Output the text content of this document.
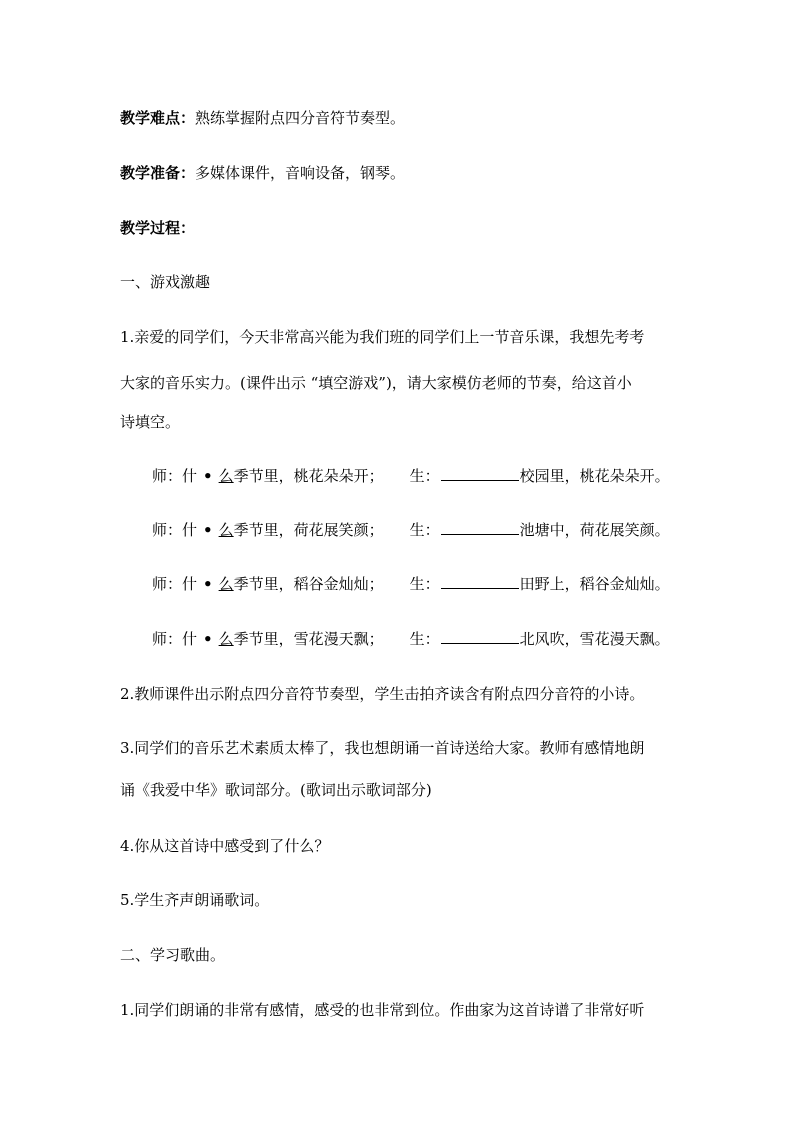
教学难点：熟练掌握附点四分音符节奏型。
教学准备：多媒体课件，音响设备，钢琴。
教学过程：
一、游戏激趣
1.亲爱的同学们，今天非常高兴能为我们班的同学们上一节音乐课，我想先考考
大家的音乐实力。(课件出示 “填空游戏”)，请大家模仿老师的节奏，给这首小
诗填空。
师：什 • 么季节里，桃花朵朵开； 生：	校园里，桃花朵朵开。
师：什 • 么季节里，荷花展笑颜； 生：	池塘中，荷花展笑颜。
师：什 • 么季节里，稻谷金灿灿； 生：	田野上，稻谷金灿灿。
师：什 • 么季节里，雪花漫天飘； 生：	北风吹，雪花漫天飘。
2.教师课件出示附点四分音符节奏型，学生击拍齐读含有附点四分音符的小诗。
3.同学们的音乐艺术素质太棒了，我也想朗诵一首诗送给大家。教师有感情地朗
诵《我爱中华》歌词部分。(歌词出示歌词部分)
4.你从这首诗中感受到了什么？
5.学生齐声朗诵歌词。
二、学习歌曲。
1.同学们朗诵的非常有感情，感受的也非常到位。作曲家为这首诗谱了非常好听
